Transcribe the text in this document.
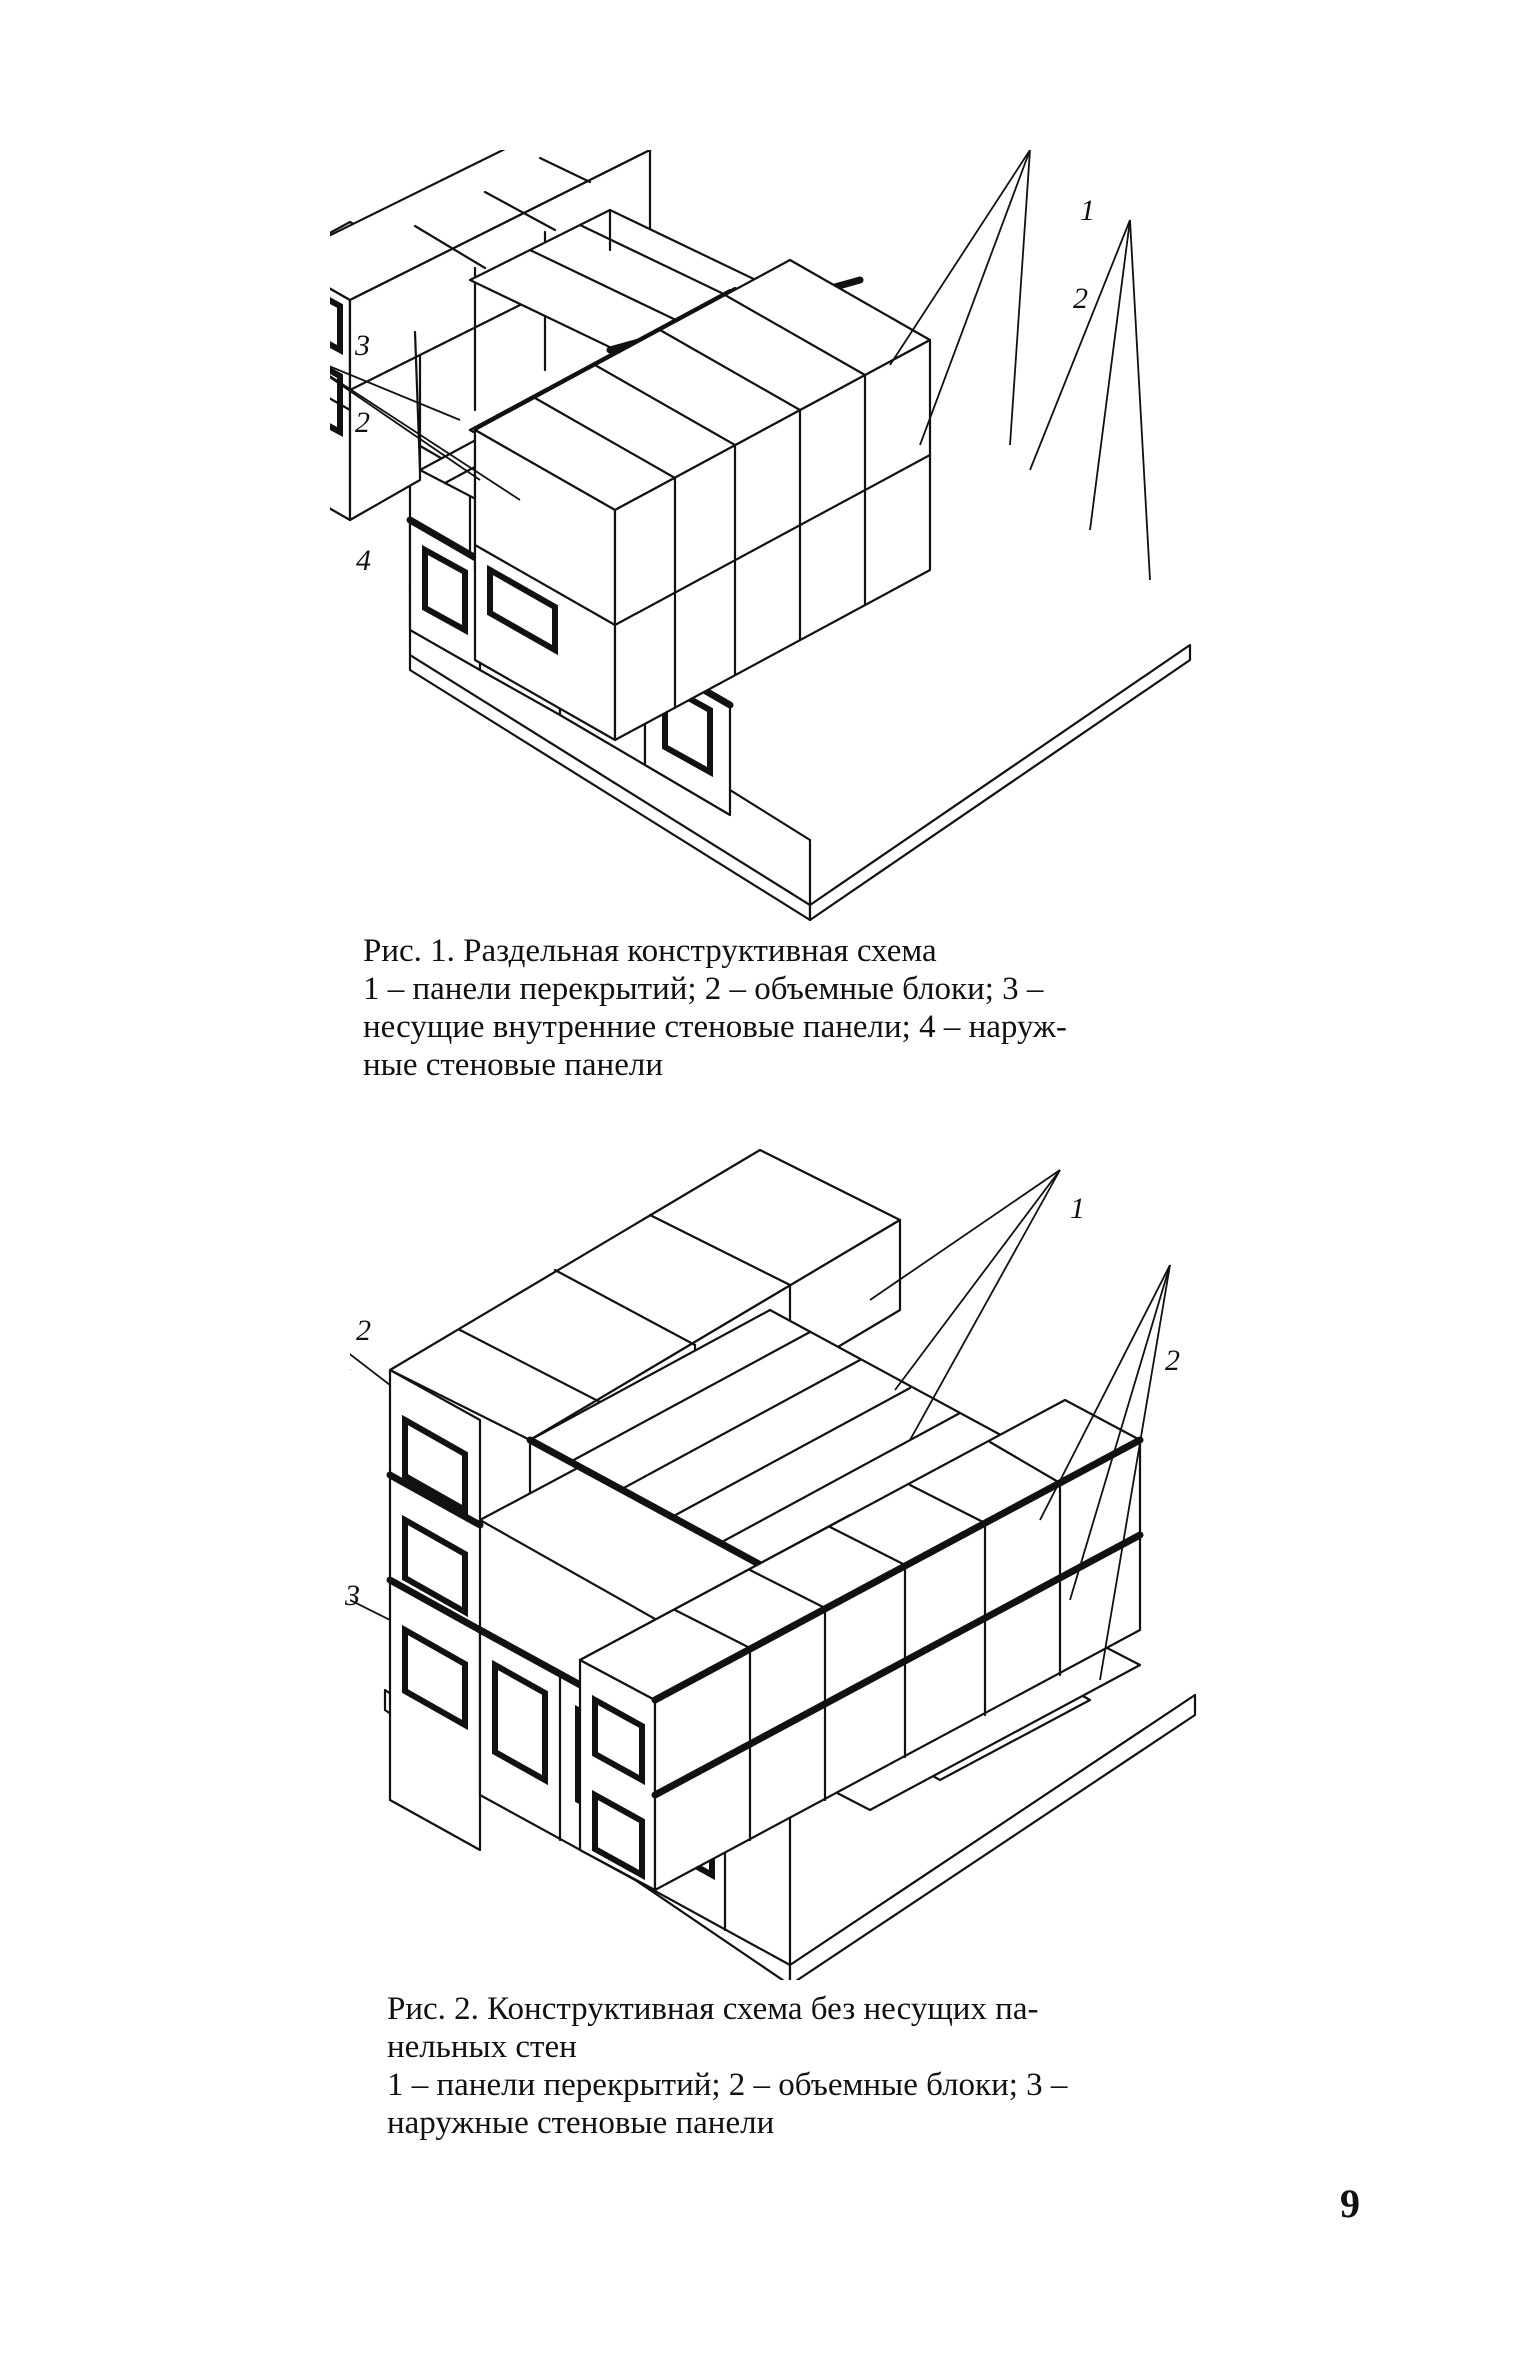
1
2
3
2
4
Рис. 1. Раздельная конструктивная схема
1 – панели перекрытий; 2 – объемные блоки; 3 –
несущие внутренние стеновые панели; 4 – наруж-
ные стеновые панели
1
2
2
3
Рис. 2. Конструктивная схема без несущих па-
нельных стен
1 – панели перекрытий; 2 – объемные блоки; 3 –
наружные стеновые панели
9
